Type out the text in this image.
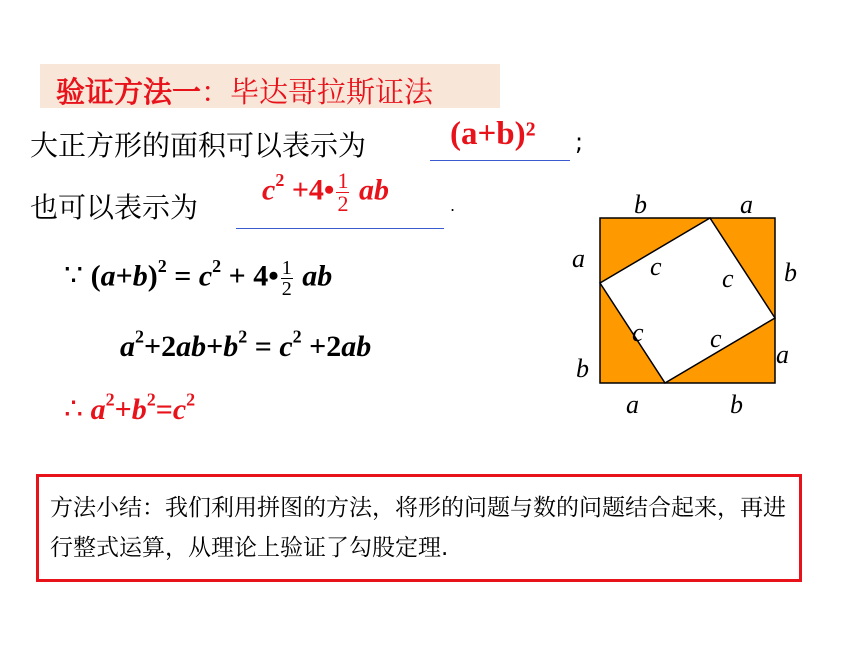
验证方法一：毕达哥拉斯证法
大正方形的面积可以表示为	(a+b)² ;
也可以表示为
$c^2$ +4• $\frac{1}{2}$ ab	.
∵ $(a+b)^2 = c^2$ + 4• $\frac{1}{2}$ ab
$a^2+2ab+b^2 = c^2 +2ab$
∴ $a^2+b^2=c^2$
b	a
a
b
b
a
a	b
c c
c	c
方法小结：我们利用拼图的方法，将形的问题与数的问题结合起来，再进行整式运算，从理论上验证了勾股定理.
